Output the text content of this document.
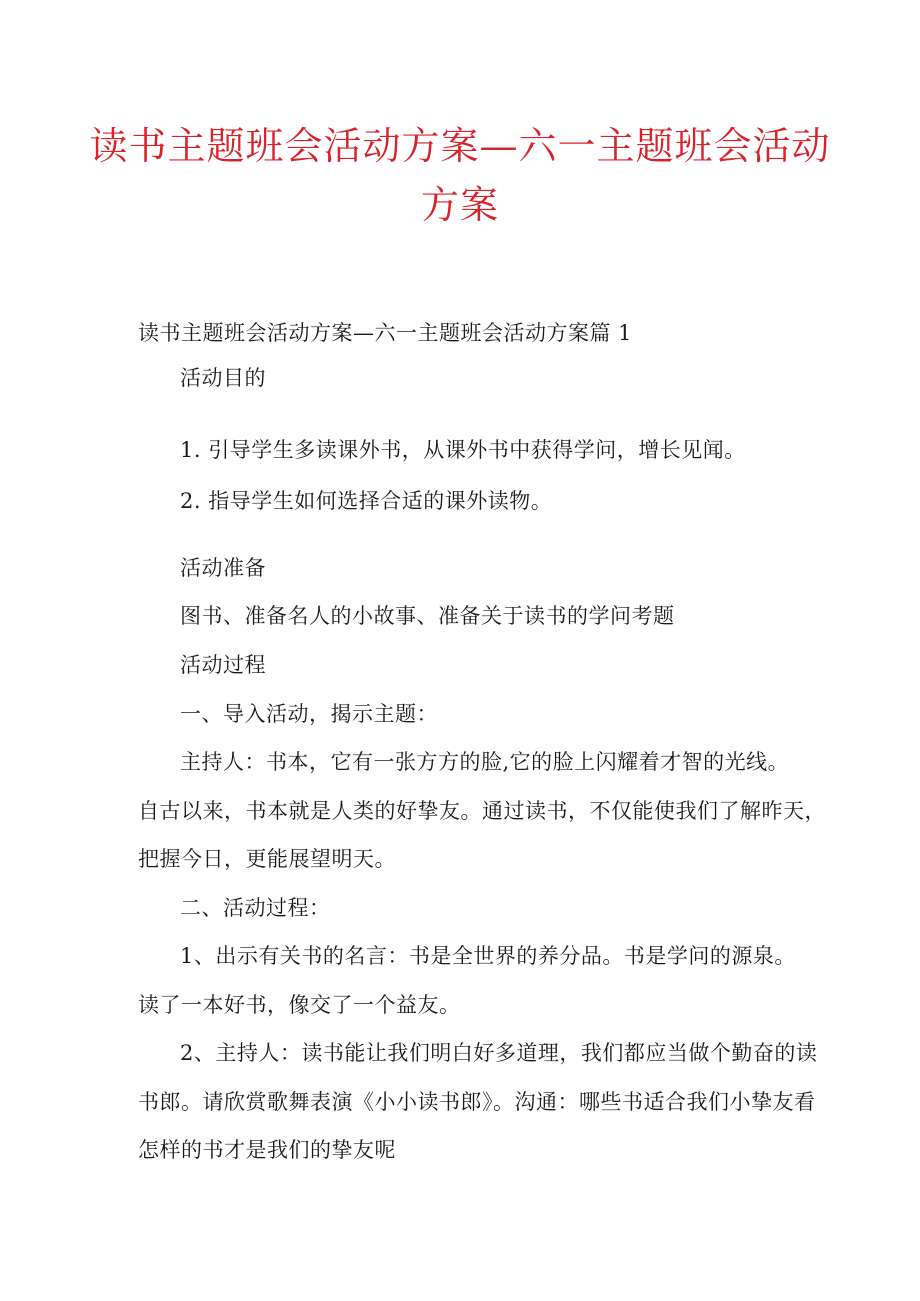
读书主题班会活动方案—六一主题班会活动
方案
读书主题班会活动方案—六一主题班会活动方案篇 1
活动目的
1. 引导学生多读课外书，从课外书中获得学问，增长见闻。
2. 指导学生如何选择合适的课外读物。
活动准备
图书、准备名人的小故事、准备关于读书的学问考题
活动过程
一、导入活动，揭示主题：
主持人：书本，它有一张方方的脸,它的脸上闪耀着才智的光线。
自古以来，书本就是人类的好挚友。通过读书，不仅能使我们了解昨天，
把握今日，更能展望明天。
二、活动过程：
1、出示有关书的名言：书是全世界的养分品。书是学问的源泉。
读了一本好书，像交了一个益友。
2、主持人：读书能让我们明白好多道理，我们都应当做个勤奋的读
书郎。请欣赏歌舞表演《小小读书郎》。沟通：哪些书适合我们小挚友看
怎样的书才是我们的挚友呢
